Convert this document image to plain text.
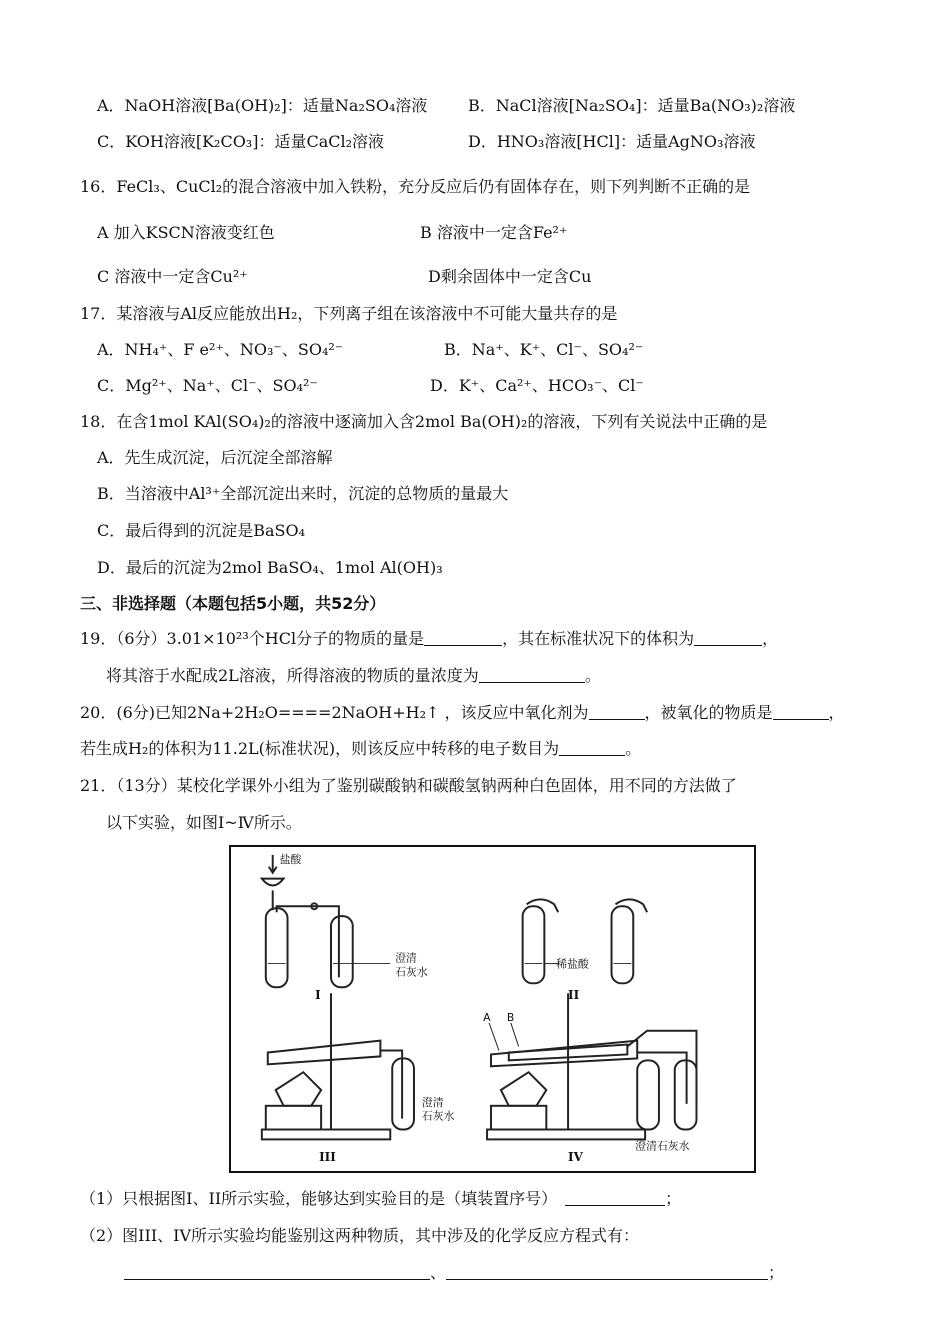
A．NaOH溶液[Ba(OH)₂]：适量Na₂SO₄溶液	B．NaCl溶液[Na₂SO₄]：适量Ba(NO₃)₂溶液
C．KOH溶液[K₂CO₃]：适量CaCl₂溶液	D．HNO₃溶液[HCl]：适量AgNO₃溶液
16．FeCl₃、CuCl₂的混合溶液中加入铁粉，充分反应后仍有固体存在，则下列判断不正确的是
A 加入KSCN溶液变红色	B 溶液中一定含Fe²⁺
C 溶液中一定含Cu²⁺	D剩余固体中一定含Cu
17．某溶液与Al反应能放出H₂，下列离子组在该溶液中不可能大量共存的是
A．NH₄⁺、F e²⁺、NO₃⁻、SO₄²⁻	B．Na⁺、K⁺、Cl⁻、SO₄²⁻
C．Mg²⁺、Na⁺、Cl⁻、SO₄²⁻	D．K⁺、Ca²⁺、HCO₃⁻、Cl⁻
18．在含1mol KAl(SO₄)₂的溶液中逐滴加入含2mol Ba(OH)₂的溶液，下列有关说法中正确的是
A．先生成沉淀，后沉淀全部溶解
B．当溶液中Al³⁺全部沉淀出来时，沉淀的总物质的量最大
C．最后得到的沉淀是BaSO₄
D．最后的沉淀为2mol BaSO₄、1mol Al(OH)₃
三、非选择题（本题包括5小题，共52分）
19．（6分）3.01×10²³个HCl分子的物质的量是	，其在标准状况下的体积为	，
将其溶于水配成2L溶液，所得溶液的物质的量浓度为	。
20．(6分)已知2Na+2H₂O====2NaOH+H₂↑ ，该反应中氧化剂为	，被氧化的物质是	，
若生成H₂的体积为11.2L(标准状况)，则该反应中转移的电子数目为	。
21．（13分）某校化学课外小组为了鉴别碳酸钠和碳酸氢钠两种白色固体，用不同的方法做了
以下实验，如图Ⅰ~Ⅳ所示。
盐酸
澄清
石灰水
I
稀盐酸
II
澄清
石灰水
III
A B
澄清石灰水
IV
（1）只根据图Ⅰ、II所示实验，能够达到实验目的是（填装置序号）	；
（2）图III、IV所示实验均能鉴别这两种物质，其中涉及的化学反应方程式有：
、	；
